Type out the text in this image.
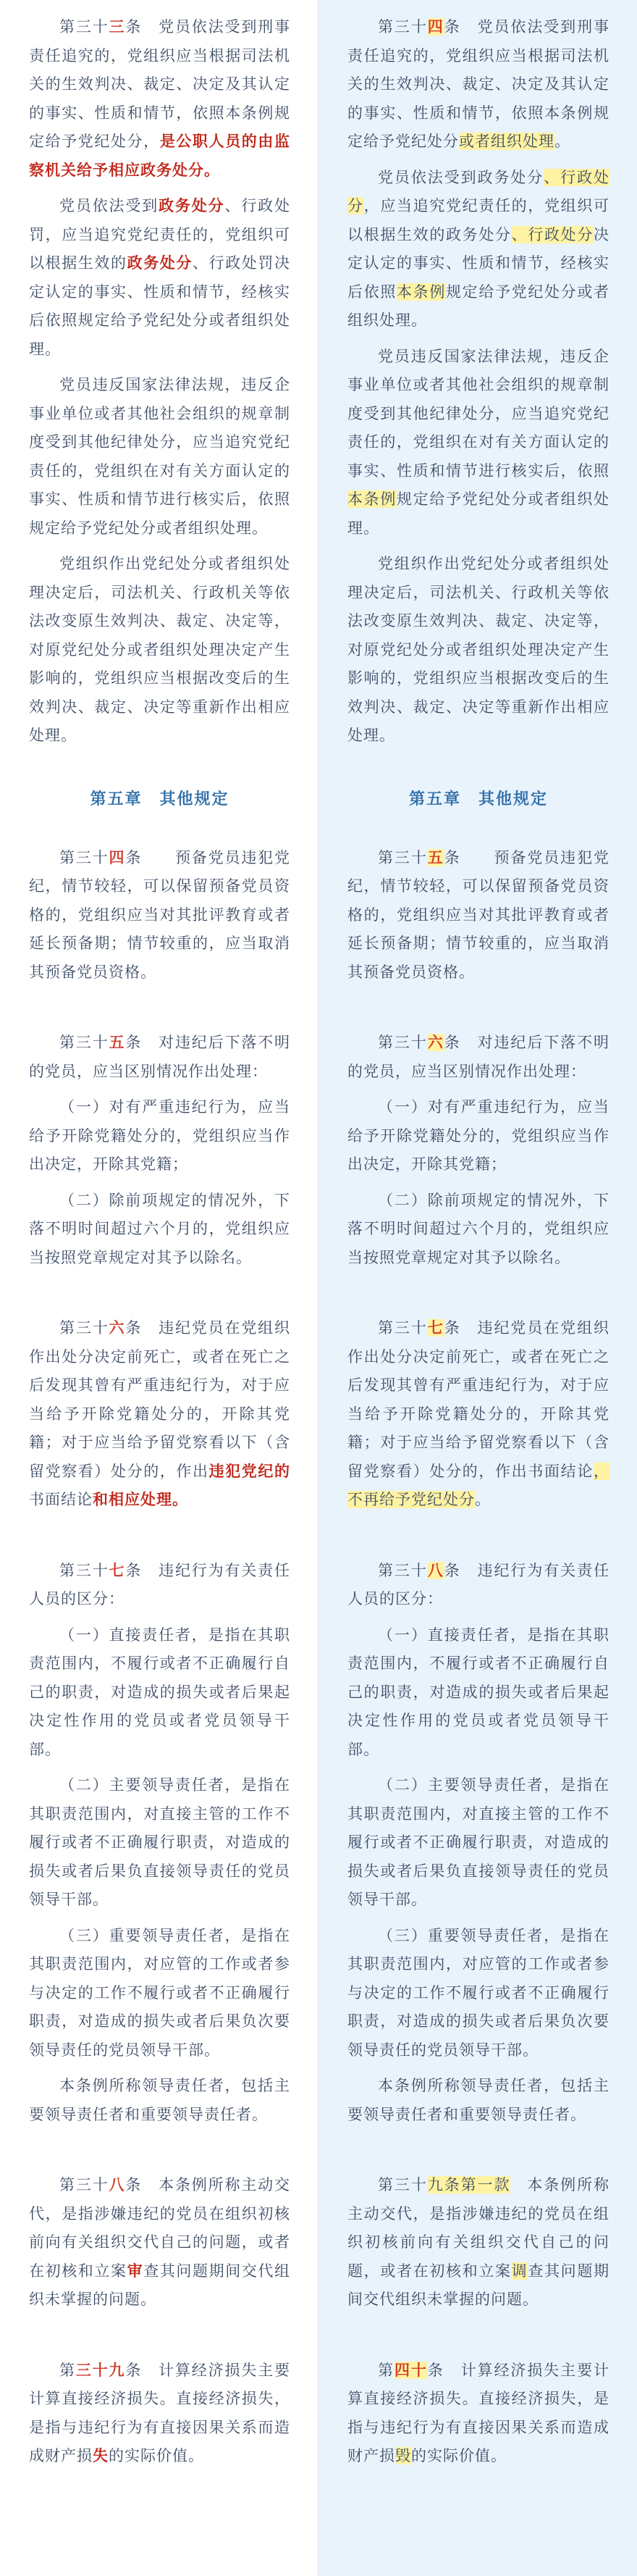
第三十三条　党员依法受到刑事责任追究的，党组织应当根据司法机关的生效判决、裁定、决定及其认定的事实、性质和情节，依照本条例规定给予党纪处分，是公职人员的由监察机关给予相应政务处分。

党员依法受到政务处分、行政处罚，应当追究党纪责任的，党组织可以根据生效的政务处分、行政处罚决定认定的事实、性质和情节，经核实后依照规定给予党纪处分或者组织处理。

党员违反国家法律法规，违反企事业单位或者其他社会组织的规章制度受到其他纪律处分，应当追究党纪责任的，党组织在对有关方面认定的事实、性质和情节进行核实后，依照规定给予党纪处分或者组织处理。

党组织作出党纪处分或者组织处理决定后，司法机关、行政机关等依法改变原生效判决、裁定、决定等，对原党纪处分或者组织处理决定产生影响的，党组织应当根据改变后的生效判决、裁定、决定等重新作出相应处理。

第五章　其他规定

第三十四条　　预备党员违犯党纪，情节较轻，可以保留预备党员资格的，党组织应当对其批评教育或者延长预备期；情节较重的，应当取消其预备党员资格。

第三十五条　对违纪后下落不明的党员，应当区别情况作出处理：

（一）对有严重违纪行为，应当给予开除党籍处分的，党组织应当作出决定，开除其党籍；

（二）除前项规定的情况外，下落不明时间超过六个月的，党组织应当按照党章规定对其予以除名。

第三十六条　违纪党员在党组织作出处分决定前死亡，或者在死亡之后发现其曾有严重违纪行为，对于应当给予开除党籍处分的，开除其党籍；对于应当给予留党察看以下（含留党察看）处分的，作出违犯党纪的书面结论和相应处理。

第三十七条　违纪行为有关责任人员的区分：

（一）直接责任者，是指在其职责范围内，不履行或者不正确履行自己的职责，对造成的损失或者后果起决定性作用的党员或者党员领导干部。

（二）主要领导责任者，是指在其职责范围内，对直接主管的工作不履行或者不正确履行职责，对造成的损失或者后果负直接领导责任的党员领导干部。

（三）重要领导责任者，是指在其职责范围内，对应管的工作或者参与决定的工作不履行或者不正确履行职责，对造成的损失或者后果负次要领导责任的党员领导干部。

本条例所称领导责任者，包括主要领导责任者和重要领导责任者。

第三十八条　本条例所称主动交代，是指涉嫌违纪的党员在组织初核前向有关组织交代自己的问题，或者在初核和立案审查其问题期间交代组织未掌握的问题。

第三十九条　计算经济损失主要计算直接经济损失。直接经济损失，是指与违纪行为有直接因果关系而造成财产损失的实际价值。

第三十四条　党员依法受到刑事责任追究的，党组织应当根据司法机关的生效判决、裁定、决定及其认定的事实、性质和情节，依照本条例规定给予党纪处分或者组织处理。

党员依法受到政务处分、行政处分，应当追究党纪责任的，党组织可以根据生效的政务处分、行政处分决定认定的事实、性质和情节，经核实后依照本条例规定给予党纪处分或者组织处理。

党员违反国家法律法规，违反企事业单位或者其他社会组织的规章制度受到其他纪律处分，应当追究党纪责任的，党组织在对有关方面认定的事实、性质和情节进行核实后，依照本条例规定给予党纪处分或者组织处理。

党组织作出党纪处分或者组织处理决定后，司法机关、行政机关等依法改变原生效判决、裁定、决定等，对原党纪处分或者组织处理决定产生影响的，党组织应当根据改变后的生效判决、裁定、决定等重新作出相应处理。

第五章　其他规定

第三十五条　　预备党员违犯党纪，情节较轻，可以保留预备党员资格的，党组织应当对其批评教育或者延长预备期；情节较重的，应当取消其预备党员资格。

第三十六条　对违纪后下落不明的党员，应当区别情况作出处理：

（一）对有严重违纪行为，应当给予开除党籍处分的，党组织应当作出决定，开除其党籍；

（二）除前项规定的情况外，下落不明时间超过六个月的，党组织应当按照党章规定对其予以除名。

第三十七条　违纪党员在党组织作出处分决定前死亡，或者在死亡之后发现其曾有严重违纪行为，对于应当给予开除党籍处分的，开除其党籍；对于应当给予留党察看以下（含留党察看）处分的，作出书面结论，不再给予党纪处分。

第三十八条　违纪行为有关责任人员的区分：

（一）直接责任者，是指在其职责范围内，不履行或者不正确履行自己的职责，对造成的损失或者后果起决定性作用的党员或者党员领导干部。

（二）主要领导责任者，是指在其职责范围内，对直接主管的工作不履行或者不正确履行职责，对造成的损失或者后果负直接领导责任的党员领导干部。

（三）重要领导责任者，是指在其职责范围内，对应管的工作或者参与决定的工作不履行或者不正确履行职责，对造成的损失或者后果负次要领导责任的党员领导干部。

本条例所称领导责任者，包括主要领导责任者和重要领导责任者。

第三十九条第一款　本条例所称主动交代，是指涉嫌违纪的党员在组织初核前向有关组织交代自己的问题，或者在初核和立案调查其问题期间交代组织未掌握的问题。

第四十条　计算经济损失主要计算直接经济损失。直接经济损失，是指与违纪行为有直接因果关系而造成财产损毁的实际价值。
